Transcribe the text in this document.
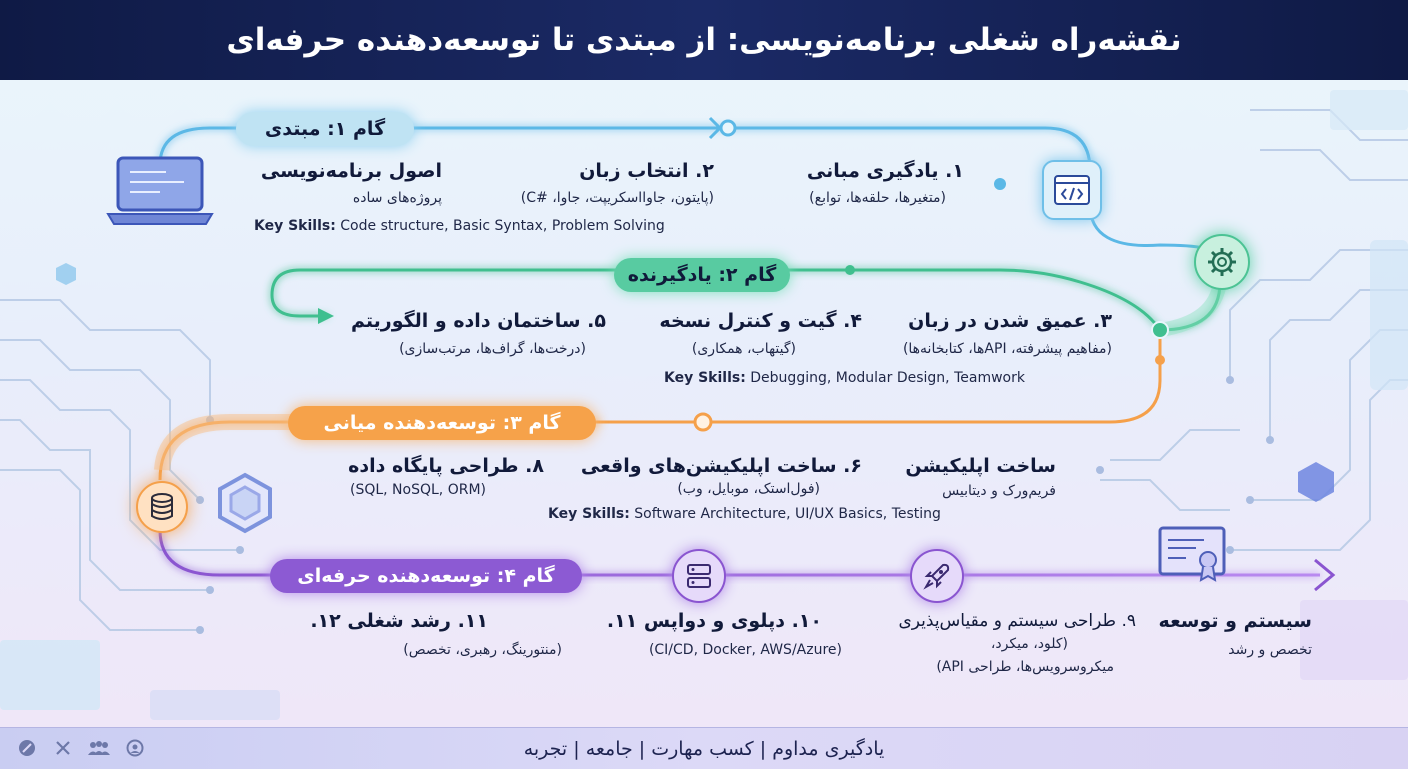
نقشه‌راه شغلی برنامه‌نویسی: از مبتدی تا توسعه‌دهنده حرفه‌ای
گام ۱: مبتدی
گام ۲: یادگیرنده
گام ۳: توسعه‌دهنده میانی
گام ۴: توسعه‌دهنده حرفه‌ای
۱. یادگیری مبانی
(متغیرها، حلقه‌ها، توابع)
۲. انتخاب زبان
(پایتون، جاوااسکریپت، جاوا، #C)
اصول برنامه‌نویسی
پروژه‌های ساده
Key Skills: Code structure, Basic Syntax, Problem Solving
۳. عمیق شدن در زبان
(مفاهیم پیشرفته، APIها، کتابخانه‌ها)
۴. گیت و کنترل نسخه
(گیتهاب، همکاری)
۵. ساختمان داده و الگوریتم
(درخت‌ها، گراف‌ها، مرتب‌سازی)
Key Skills: Debugging, Modular Design, Teamwork
ساخت اپلیکیشن
فریم‌ورک و دیتابیس
۶. ساخت اپلیکیشن‌های واقعی
(فول‌استک، موبایل، وب)
۸. طراحی پایگاه داده
(SQL, NoSQL, ORM)
Key Skills: Software Architecture, UI/UX Basics, Testing
سیستم و توسعه
تخصص و رشد
۹. طراحی سیستم و مقیاس‌پذیری
(کلود، میکرد،
میکروسرویس‌ها، طراحی API)
۱۰. دپلوی و دواپس ۱۱.
(CI/CD, Docker, AWS/Azure)
۱۱. رشد شغلی ۱۲.
(منتورینگ، رهبری، تخصص)
یادگیری مداوم | کسب مهارت | جامعه | تجربه
